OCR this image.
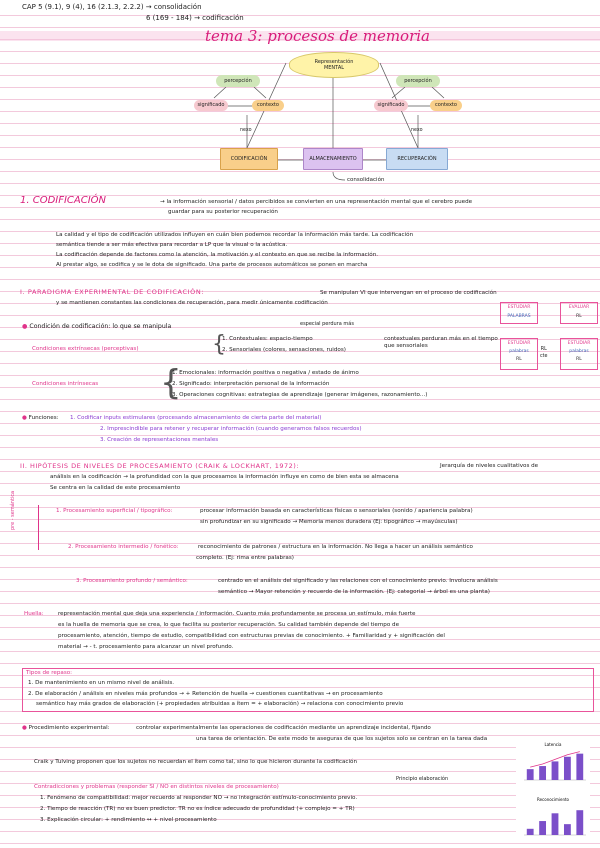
CAP 5 (9.1), 9 (4), 16 (2.1.3, 2.2.2) → consolidación
6 (169 - 184) → codificación
tema 3: procesos de memoria
Representación MENTAL
percepción
significado	contexto
percepción
significado	contexto
nexo	nexo
CODIFICACIÓN	ALMACENAMIENTO	RECUPERACIÓN
consolidación
1. CODIFICACIÓN	→ la información sensorial / datos percibidos se convierten en una representación mental que el cerebro puede
guardar para su posterior recuperación
La calidad y el tipo de codificación utilizados influyen en cuán bien podemos recordar la información más tarde. La codificación
semántica tiende a ser más efectiva para recordar a LP que la visual o la acústica.
La codificación depende de factores como la atención, la motivación y el contexto en que se recibe la información.
Al prestar algo, se codifica y se le dota de significado. Una parte de procesos automáticos se ponen en marcha
I. PARADIGMA EXPERIMENTAL DE CODIFICACIÓN:	Se manipulan VI que intervengan en el proceso de codificación
y se mantienen constantes las condiciones de recuperación, para medir únicamente codificación
● Condición de codificación: lo que se manipula	especial perdura más
Condiciones extrínsecas (perceptivas)	{
1. Contextuales: espacio-tiempo
2. Sensoriales (colores, sensaciones, ruidos)
contextuales perduran más en el tiempo que sensoriales
Condiciones intrínsecas {
1. Emocionales: información positiva o negativa / estado de ánimo
2. Significado: interpretación personal de la información
3. Operaciones cognitivas: estrategias de aprendizaje (generar imágenes, razonamiento...)
● Funciones: 1. Codificar inputs estimulares (procesando almacenamiento de cierta parte del material)
2. Imprescindible para retener y recuperar información (cuando generamos falsos recuerdos)
3. Creación de representaciones mentales
ESTUDIAR
PALABRAS
EVALUAR
RL
ESTUDIAR
palabras
RL
RL
cte
ESTUDIAR
palabras
RL
II. HIPÓTESIS DE NIVELES DE PROCESAMIENTO (CRAIK & LOCKHART, 1972):	Jerarquía de niveles cualitativos de
análisis en la codificación → la profundidad con la que procesamos la información influye en como de bien esta se almacena
Se centra en la calidad de este procesamiento
pre - semántica	1. Procesamiento superficial / tipográfico:	procesar información basada en características físicas o sensoriales (sonido / apariencia palabra)
sin profundizar en su significado → Memoria menos duradera (Ej: tipográfico → mayúsculas)
2. Procesamiento intermedio / fonético:	reconocimiento de patrones / estructura en la información. No llega a hacer un análisis semántico
completo. (Ej: rima entre palabras)
3. Procesamiento profundo / semántico:	centrado en el análisis del significado y las relaciones con el conocimiento previo. Involucra análisis
semántico → Mayor retención y recuerdo de la información. (Ej: categorial → árbol es una planta)
Huella:	representación mental que deja una experiencia / información. Cuanto más profundamente se procesa un estímulo, más fuerte
es la huella de memoria que se crea, lo que facilita su posterior recuperación. Su calidad también depende del tiempo de
procesamiento, atención, tiempo de estudio, compatibilidad con estructuras previas de conocimiento. + Familiaridad y + significación del
material → - t. procesamiento para alcanzar un nivel profundo.
Tipos de repaso:
1. De mantenimiento en un mismo nivel de análisis.
2. De elaboración / análisis en niveles más profundos → + Retención de huella → cuestiones cuantitativas → en procesamiento
semántico hay más grados de elaboración (+ propiedades atribuidas a ítem = + elaboración) → relaciona con conocimiento previo
● Procedimiento experimental:	controlar experimentalmente las operaciones de codificación mediante un aprendizaje incidental, fijando
una tarea de orientación. De este modo te aseguras de que los sujetos solo se centran en la tarea dada
Craik y Tulving proponen que los sujetos no recuerdan el ítem como tal, sino lo que hicieron durante la codificación
Principio elaboración
Contradicciones y problemas (responder SI / NO en distintos niveles de procesamiento)
1. Fenómeno de compatibilidad: mejor recuerdo al responder NO → no integración estímulo-conocimiento previo.
2. Tiempo de reacción (TR) no es buen predictor. TR no es índice adecuado de profundidad (+ complejo = + TR)
3. Explicación circular: + rendimiento ↔ + nivel procesamiento
Latencia
Reconocimiento
